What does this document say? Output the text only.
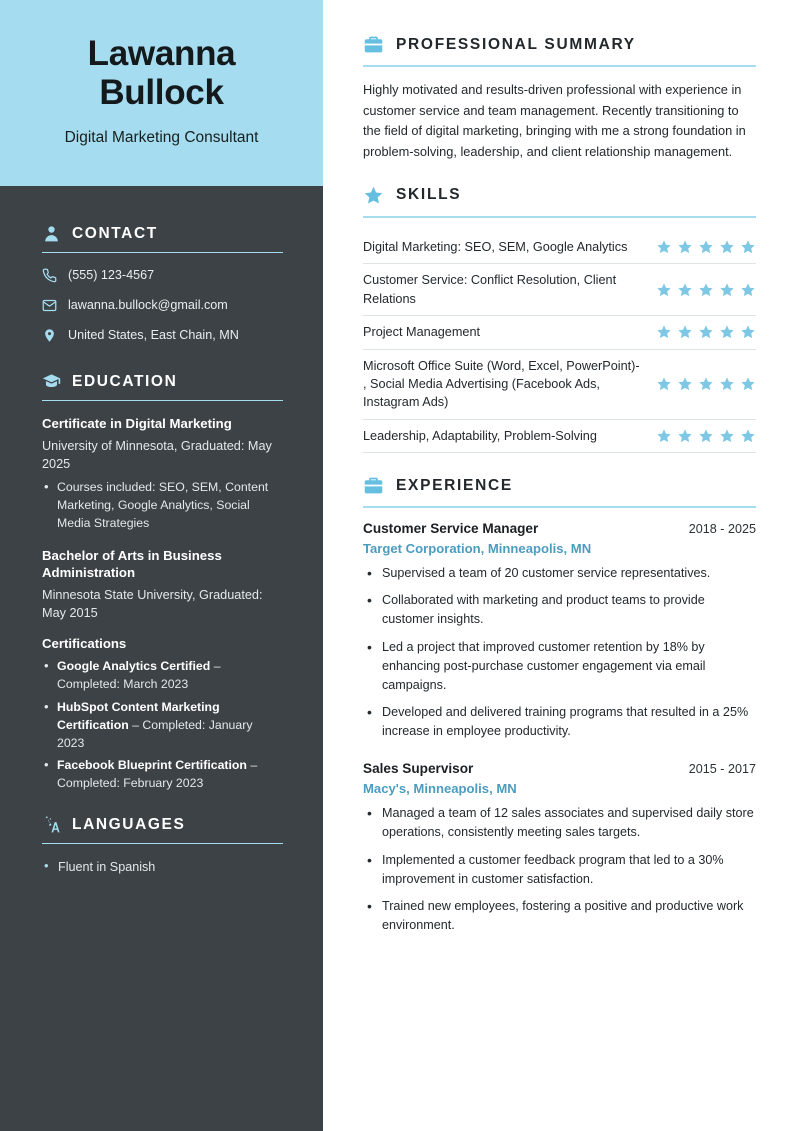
Lawanna
Bullock
Digital Marketing Consultant
CONTACT
(555) 123-4567
lawanna.bullock@gmail.com
United States, East Chain, MN
EDUCATION
Certificate in Digital Marketing
University of Minnesota, Graduated: May 2025
• Courses included: SEO, SEM, Content Marketing, Google Analytics, Social Media Strategies
Bachelor of Arts in Business Administration
Minnesota State University, Graduated: May 2015
Certifications
• Google Analytics Certified – Completed: March 2023
• HubSpot Content Marketing Certification – Completed: January 2023
• Facebook Blueprint Certification – Completed: February 2023
LANGUAGES
• Fluent in Spanish
PROFESSIONAL SUMMARY

Highly motivated and results-driven professional with experience in customer service and team management. Recently transitioning to the field of digital marketing, bringing with me a strong foundation in problem-solving, leadership, and client relationship management.

SKILLS
Digital Marketing: SEO, SEM, Google Analytics
Customer Service: Conflict Resolution, Client Relations
Project Management
Microsoft Office Suite (Word, Excel, PowerPoint)- , Social Media Advertising (Facebook Ads, Instagram Ads)
Leadership, Adaptability, Problem-Solving
EXPERIENCE
Customer Service Manager	2018 - 2025
Target Corporation, Minneapolis, MN
• Supervised a team of 20 customer service representatives.
• Collaborated with marketing and product teams to provide customer insights.
• Led a project that improved customer retention by 18% by enhancing post-purchase customer engagement via email campaigns.
• Developed and delivered training programs that resulted in a 25% increase in employee productivity.
Sales Supervisor	2015 - 2017
Macy's, Minneapolis, MN
• Managed a team of 12 sales associates and supervised daily store operations, consistently meeting sales targets.
• Implemented a customer feedback program that led to a 30% improvement in customer satisfaction.
• Trained new employees, fostering a positive and productive work environment.
